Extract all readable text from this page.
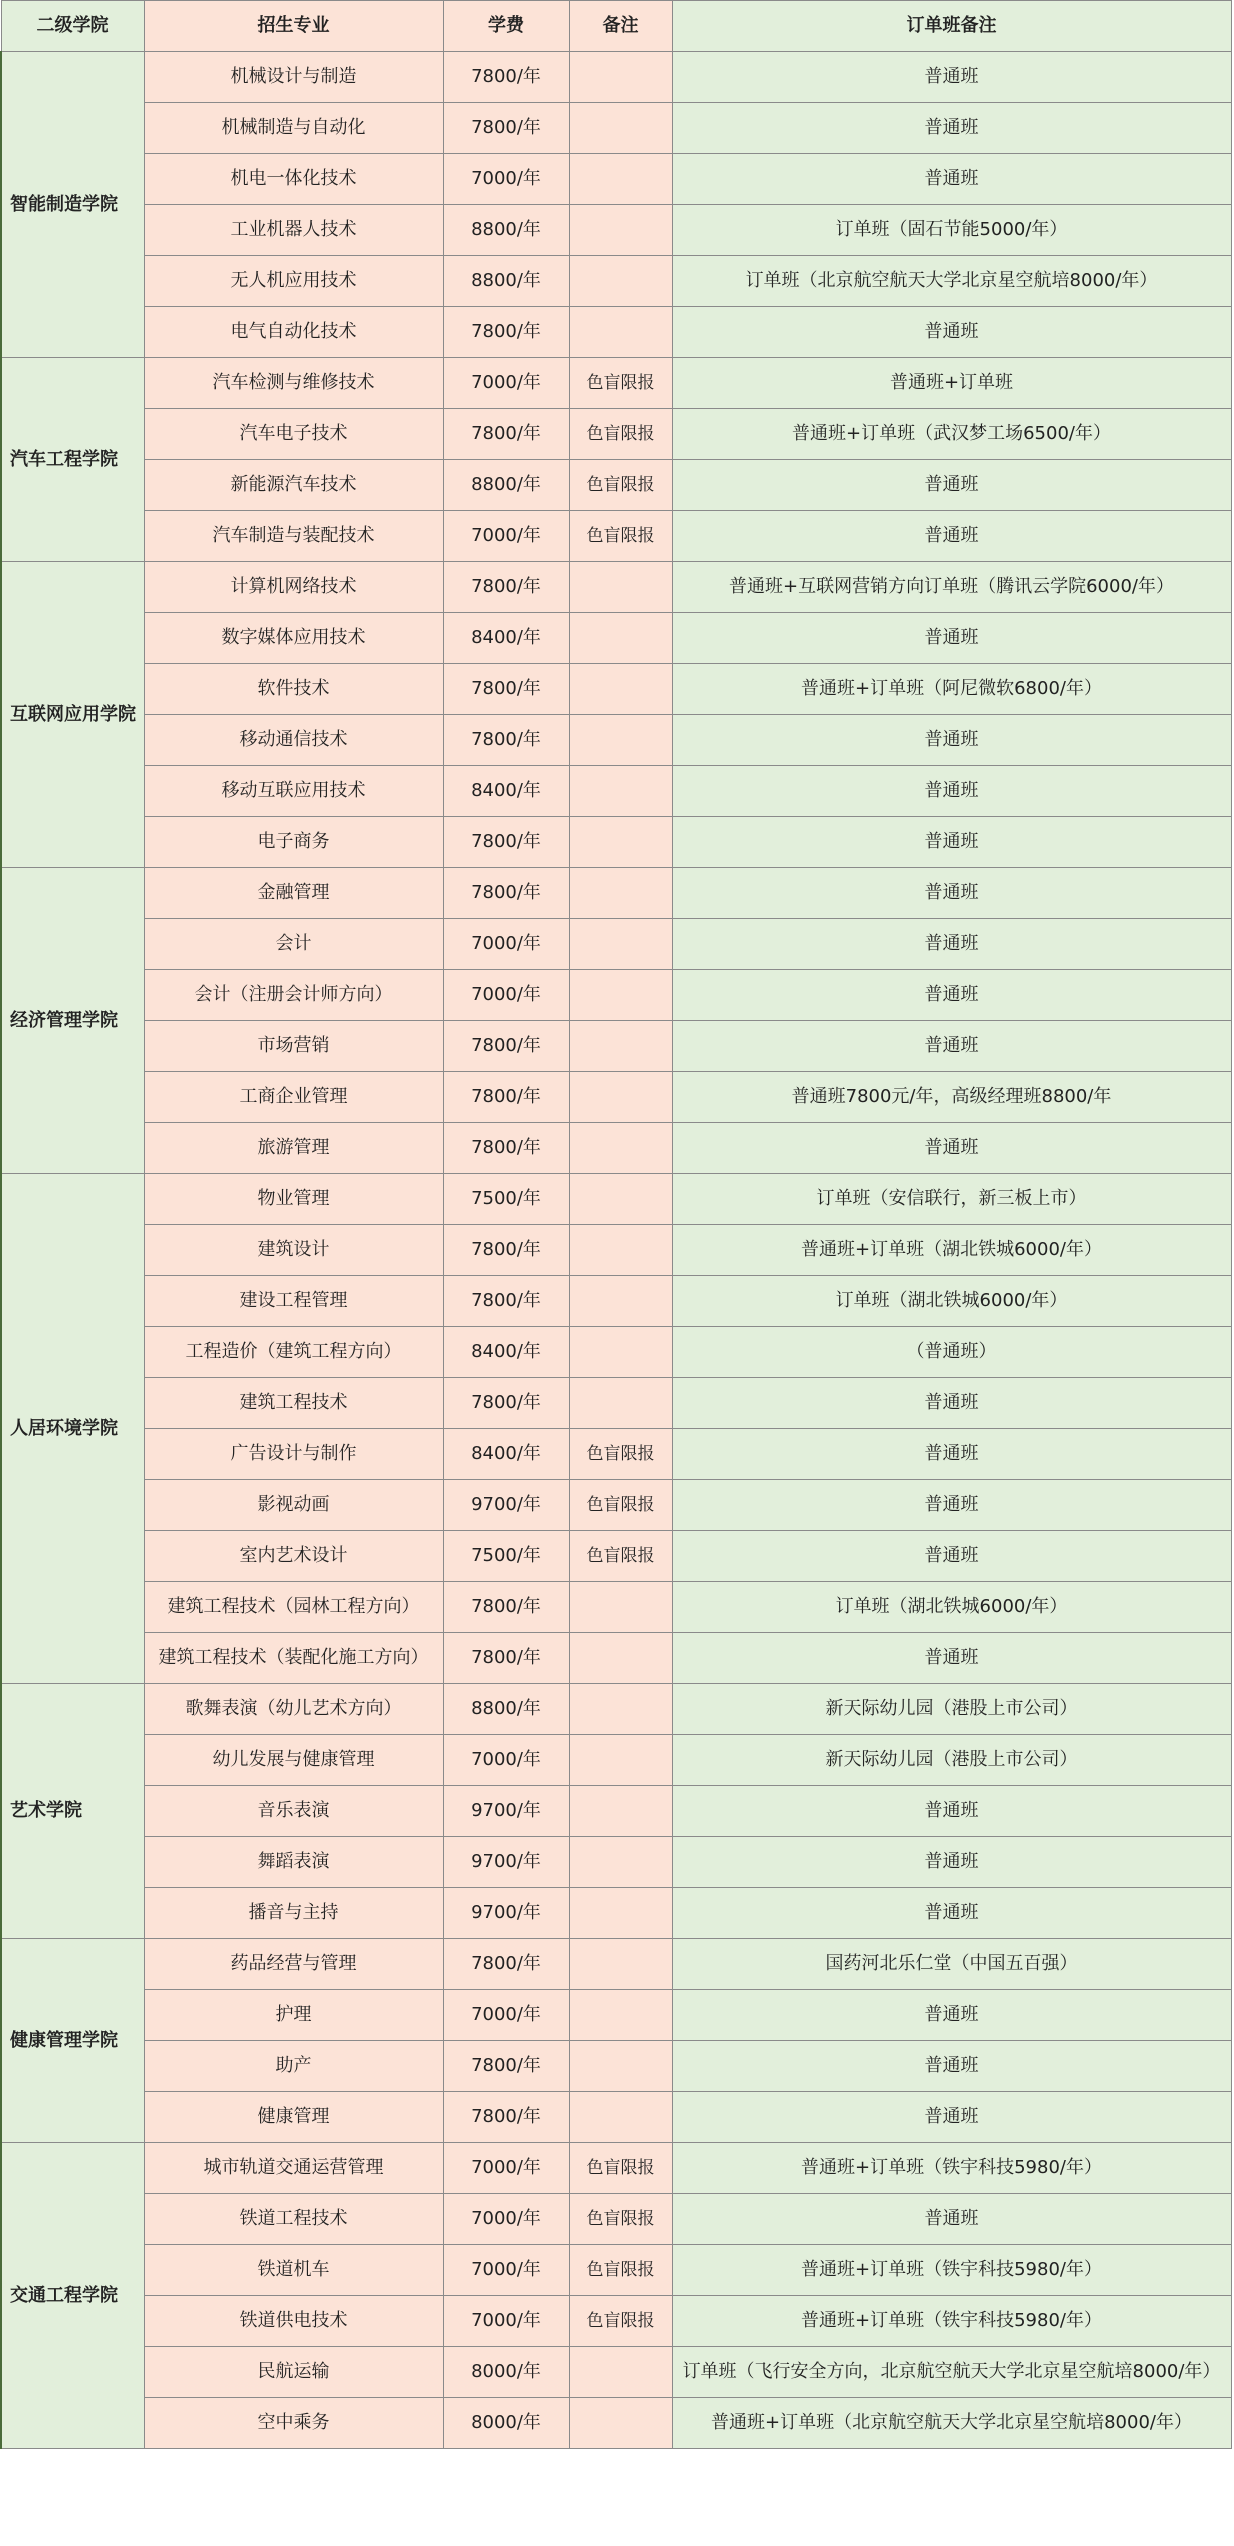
二级学院	招生专业	学费	备注	订单班备注
智能制造学院	机械设计与制造	7800/年		普通班
	机械制造与自动化	7800/年		普通班
	机电一体化技术	7000/年		普通班
	工业机器人技术	8800/年		订单班（固石节能5000/年）
	无人机应用技术	8800/年		订单班（北京航空航天大学北京星空航培8000/年）
	电气自动化技术	7800/年		普通班
汽车工程学院	汽车检测与维修技术	7000/年	色盲限报	普通班+订单班
	汽车电子技术	7800/年	色盲限报	普通班+订单班（武汉梦工场6500/年）
	新能源汽车技术	8800/年	色盲限报	普通班
	汽车制造与装配技术	7000/年	色盲限报	普通班
互联网应用学院	计算机网络技术	7800/年		普通班+互联网营销方向订单班（腾讯云学院6000/年）
	数字媒体应用技术	8400/年		普通班
	软件技术	7800/年		普通班+订单班（阿尼微软6800/年）
	移动通信技术	7800/年		普通班
	移动互联应用技术	8400/年		普通班
	电子商务	7800/年		普通班
经济管理学院	金融管理	7800/年		普通班
	会计	7000/年		普通班
	会计（注册会计师方向）	7000/年		普通班
	市场营销	7800/年		普通班
	工商企业管理	7800/年		普通班7800元/年，高级经理班8800/年
	旅游管理	7800/年		普通班
人居环境学院	物业管理	7500/年		订单班（安信联行，新三板上市）
	建筑设计	7800/年		普通班+订单班（湖北铁城6000/年）
	建设工程管理	7800/年		订单班（湖北铁城6000/年）
	工程造价（建筑工程方向）	8400/年		（普通班）
	建筑工程技术	7800/年		普通班
	广告设计与制作	8400/年	色盲限报	普通班
	影视动画	9700/年	色盲限报	普通班
	室内艺术设计	7500/年	色盲限报	普通班
	建筑工程技术（园林工程方向）	7800/年		订单班（湖北铁城6000/年）
	建筑工程技术（装配化施工方向）	7800/年		普通班
艺术学院	歌舞表演（幼儿艺术方向）	8800/年		新天际幼儿园（港股上市公司）
	幼儿发展与健康管理	7000/年		新天际幼儿园（港股上市公司）
	音乐表演	9700/年		普通班
	舞蹈表演	9700/年		普通班
	播音与主持	9700/年		普通班
健康管理学院	药品经营与管理	7800/年		国药河北乐仁堂（中国五百强）
	护理	7000/年		普通班
	助产	7800/年		普通班
	健康管理	7800/年		普通班
交通工程学院	城市轨道交通运营管理	7000/年	色盲限报	普通班+订单班（铁宇科技5980/年）
	铁道工程技术	7000/年	色盲限报	普通班
	铁道机车	7000/年	色盲限报	普通班+订单班（铁宇科技5980/年）
	铁道供电技术	7000/年	色盲限报	普通班+订单班（铁宇科技5980/年）
	民航运输	8000/年		订单班（飞行安全方向，北京航空航天大学北京星空航培8000/年）
	空中乘务	8000/年		普通班+订单班（北京航空航天大学北京星空航培8000/年）
